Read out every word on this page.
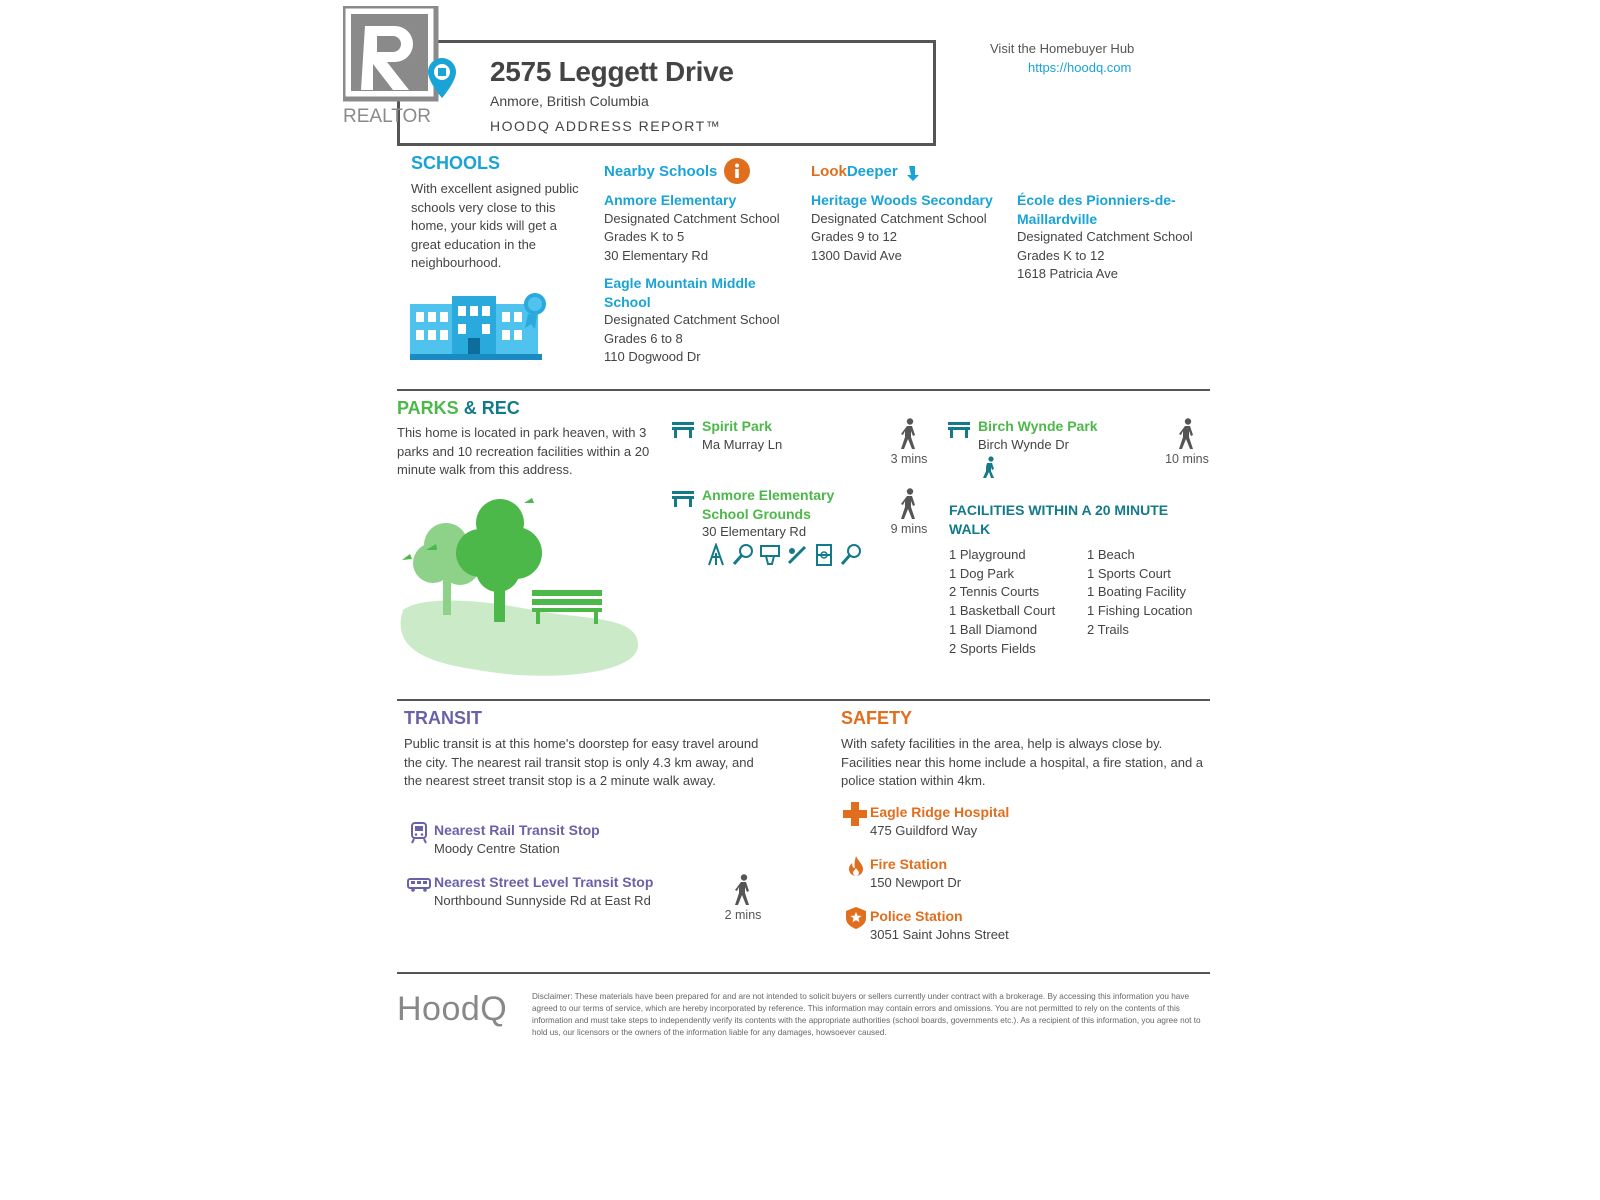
REALTOR
2575 Leggett Drive
Anmore, British Columbia
HOODQ ADDRESS REPORT™
Visit the Homebuyer Hub
https://hoodq.com
SCHOOLS
With excellent asigned public schools very close to this home, your kids will get a great education in the neighbourhood.
Nearby Schools	LookDeeper
Anmore Elementary
Designated Catchment School
Grades K to 5
30 Elementary Rd
Eagle Mountain Middle School
Designated Catchment School
Grades 6 to 8
110 Dogwood Dr
Heritage Woods Secondary
Designated Catchment School
Grades 9 to 12
1300 David Ave
École des Pionniers-de-Maillardville
Designated Catchment School
Grades K to 12
1618 Patricia Ave
PARKS & REC
This home is located in park heaven, with 3 parks and 10 recreation facilities within a 20 minute walk from this address.
Spirit Park
Ma Murray Ln
3 mins
Birch Wynde Park
Birch Wynde Dr
10 mins
Anmore Elementary School Grounds
30 Elementary Rd	9 mins
FACILITIES WITHIN A 20 MINUTE WALK
1 Playground
1 Dog Park
2 Tennis Courts
1 Basketball Court
1 Ball Diamond
2 Sports Fields
1 Beach
1 Sports Court
1 Boating Facility
1 Fishing Location
2 Trails
TRANSIT
Public transit is at this home's doorstep for easy travel around the city. The nearest rail transit stop is only 4.3 km away, and the nearest street transit stop is a 2 minute walk away.
Nearest Rail Transit Stop
Moody Centre Station
Nearest Street Level Transit Stop
Northbound Sunnyside Rd at East Rd
2 mins
SAFETY
With safety facilities in the area, help is always close by. Facilities near this home include a hospital, a fire station, and a police station within 4km.
Eagle Ridge Hospital
475 Guildford Way
Fire Station
150 Newport Dr
Police Station
3051 Saint Johns Street
HoodQ	Disclaimer: These materials have been prepared for and are not intended to solicit buyers or sellers currently under contract with a brokerage. By accessing this information you have agreed to our terms of service, which are hereby incorporated by reference. This information may contain errors and omissions. You are not permitted to rely on the contents of this information and must take steps to independently verify its contents with the appropriate authorities (school boards, governments etc.). As a recipient of this information, you agree not to hold us, our licensors or the owners of the information liable for any damages, howsoever caused.
